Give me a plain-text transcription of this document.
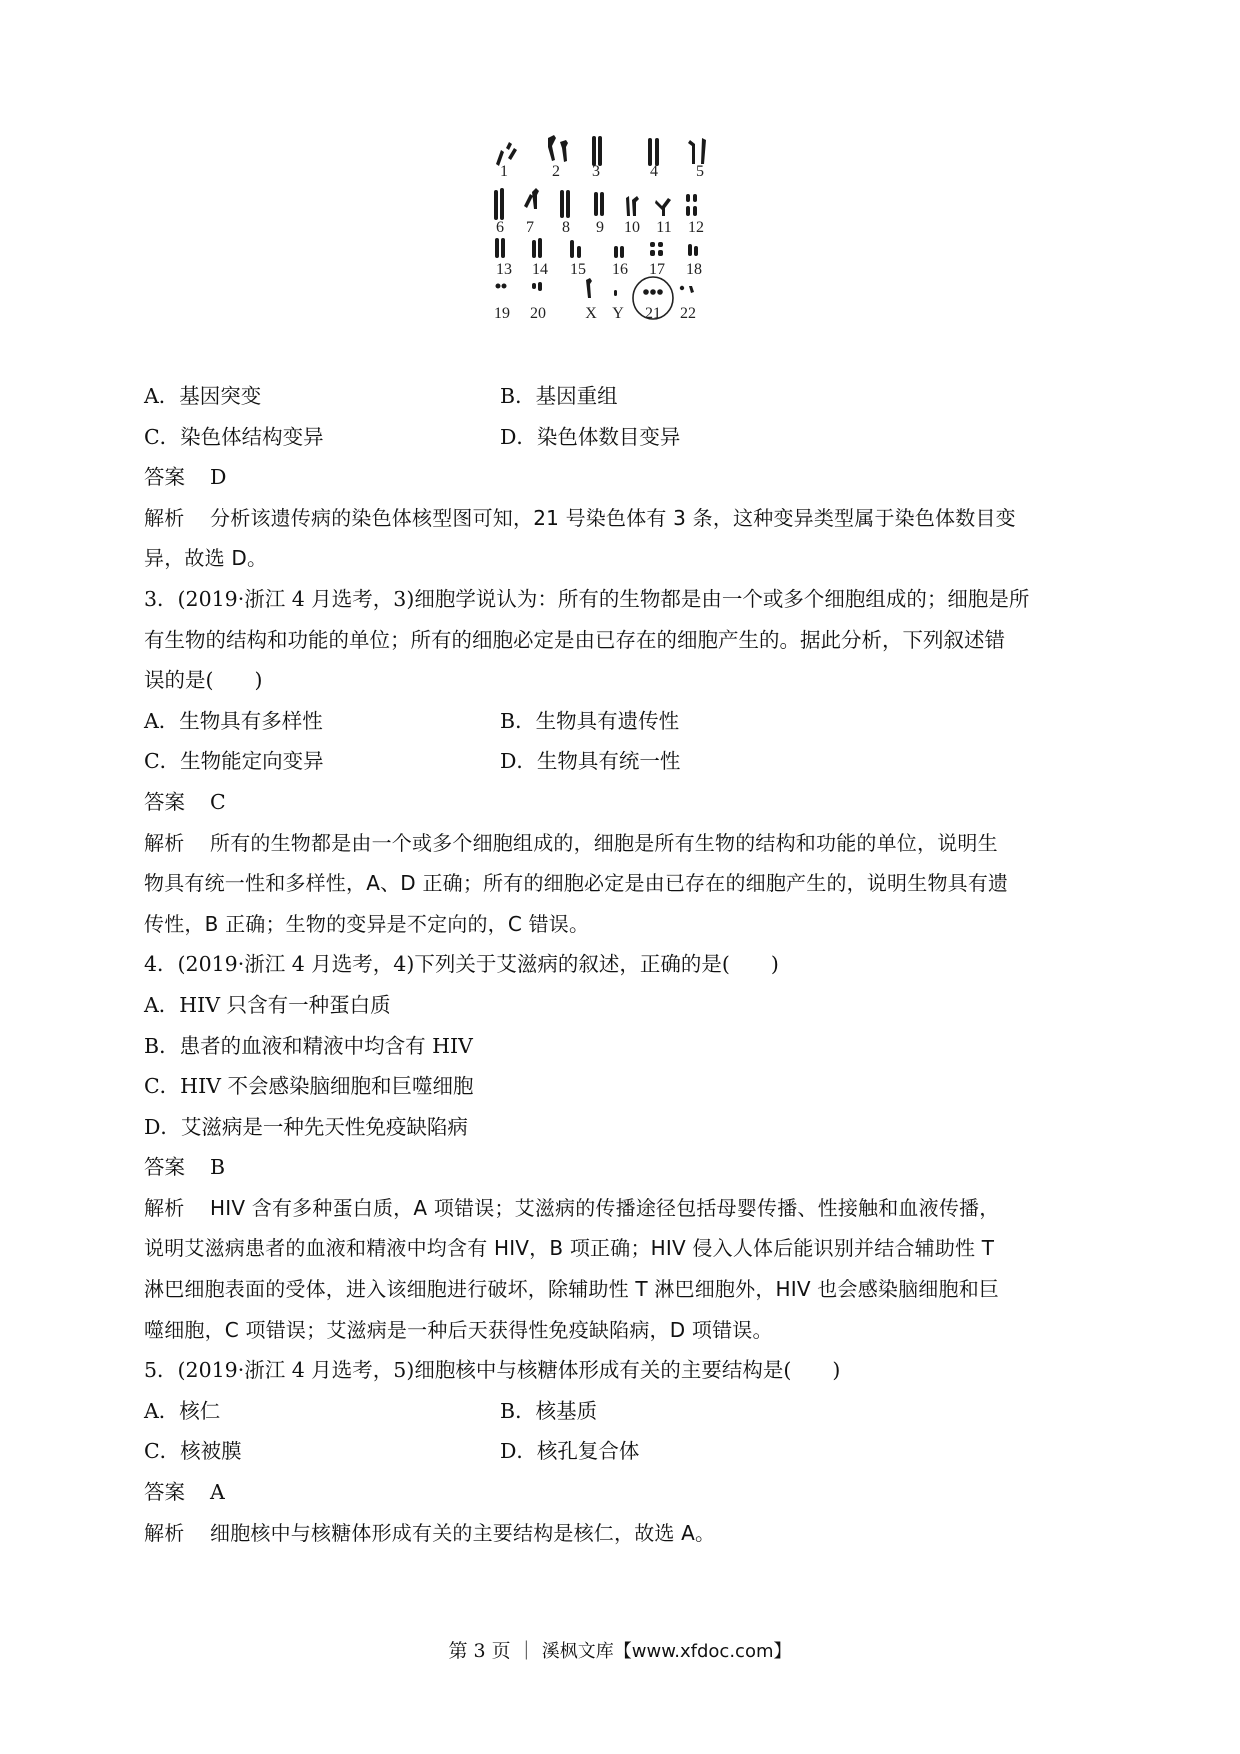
1	2 3	4 5
6 7 8 9 10 11 12
13 14 15 16 17 18
19 20 X Y 21 22
A．基因突变	B．基因重组
C．染色体结构变异	D．染色体数目变异
答案 D
解析 分析该遗传病的染色体核型图可知，21 号染色体有 3 条，这种变异类型属于染色体数目变
异，故选 D。
3．(2019·浙江 4 月选考，3)细胞学说认为：所有的生物都是由一个或多个细胞组成的；细胞是所
有生物的结构和功能的单位；所有的细胞必定是由已存在的细胞产生的。据此分析，下列叙述错
误的是(　　)
A．生物具有多样性	B．生物具有遗传性
C．生物能定向变异	D．生物具有统一性
答案 C
解析 所有的生物都是由一个或多个细胞组成的，细胞是所有生物的结构和功能的单位，说明生
物具有统一性和多样性，A、D 正确；所有的细胞必定是由已存在的细胞产生的，说明生物具有遗
传性，B 正确；生物的变异是不定向的，C 错误。
4．(2019·浙江 4 月选考，4)下列关于艾滋病的叙述，正确的是(　　)
A．HIV 只含有一种蛋白质
B．患者的血液和精液中均含有 HIV
C．HIV 不会感染脑细胞和巨噬细胞
D．艾滋病是一种先天性免疫缺陷病
答案 B
解析 HIV 含有多种蛋白质，A 项错误；艾滋病的传播途径包括母婴传播、性接触和血液传播，
说明艾滋病患者的血液和精液中均含有 HIV，B 项正确；HIV 侵入人体后能识别并结合辅助性 T
淋巴细胞表面的受体，进入该细胞进行破坏，除辅助性 T 淋巴细胞外，HIV 也会感染脑细胞和巨
噬细胞，C 项错误；艾滋病是一种后天获得性免疫缺陷病，D 项错误。
5．(2019·浙江 4 月选考，5)细胞核中与核糖体形成有关的主要结构是(　　)
A．核仁	B．核基质
C．核被膜	D．核孔复合体
答案 A
解析 细胞核中与核糖体形成有关的主要结构是核仁，故选 A。
第 3 页 ｜ 溪枫文库【www.xfdoc.com】
